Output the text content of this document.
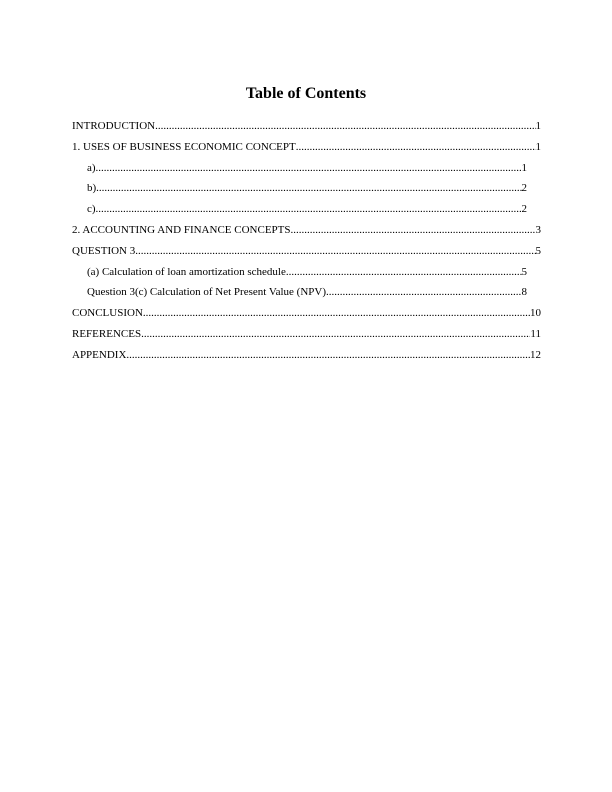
Table of Contents
INTRODUCTION .....	1
1. USES OF BUSINESS ECONOMIC CONCEPT .....	1
a) .....	1
b) .....	2
c) .....	2
2. ACCOUNTING AND FINANCE CONCEPTS .....	3
QUESTION 3 .....	5
(a) Calculation of loan amortization schedule .....	5
Question 3(c) Calculation of Net Present Value (NPV) .....	8
CONCLUSION .....	10
REFERENCES .....	11
APPENDIX .....	12
